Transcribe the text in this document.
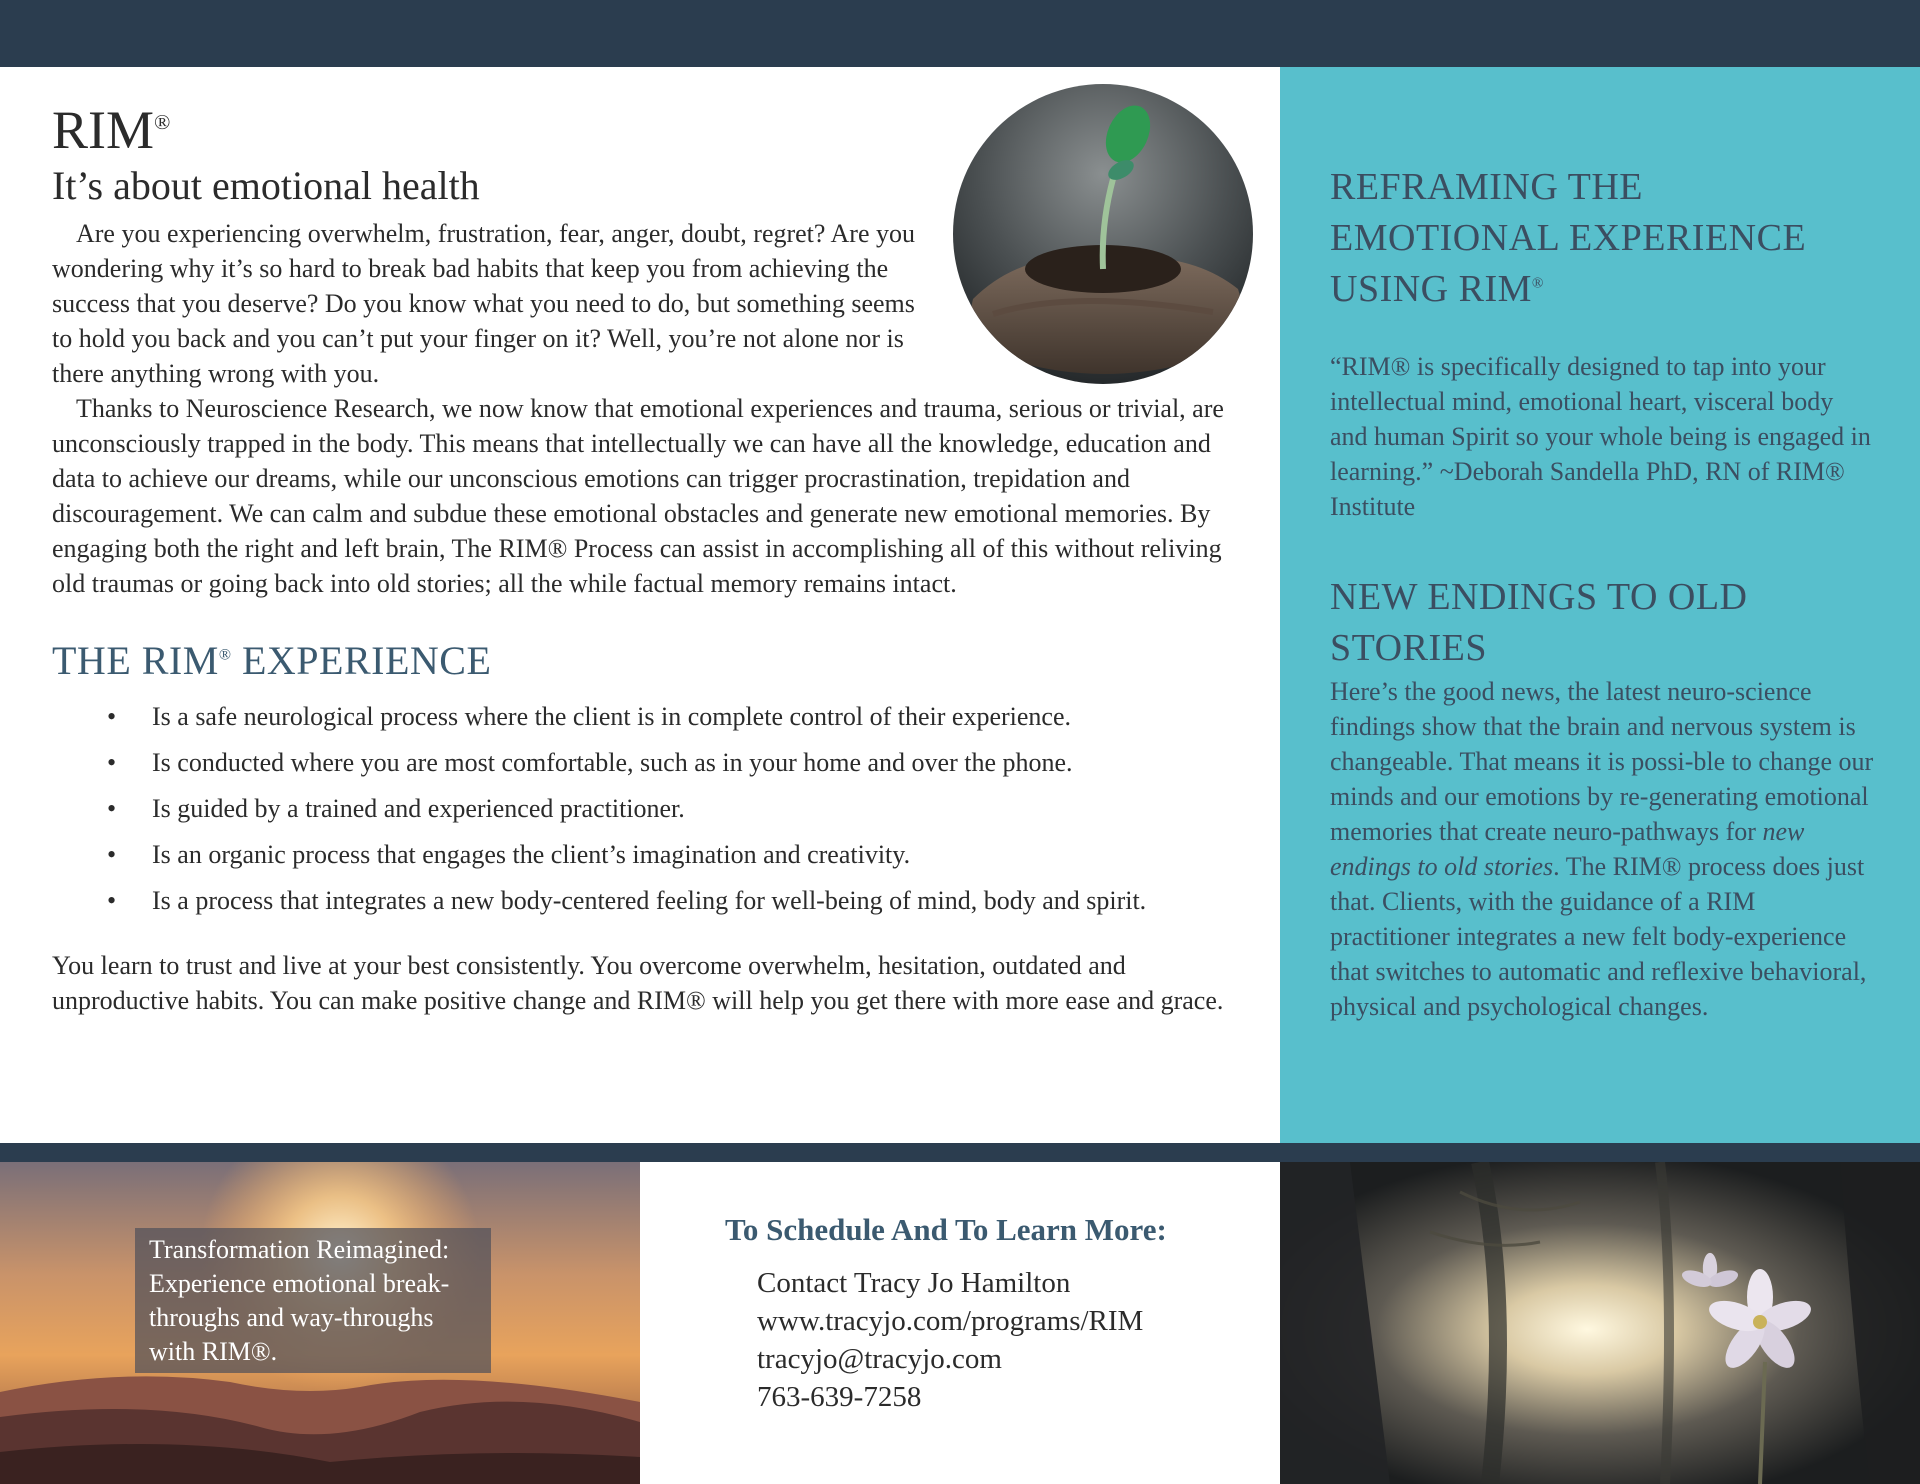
RIM®
It’s about emotional health

Are you experiencing overwhelm, frustration, fear, anger, doubt, regret? Are you wondering why it’s so hard to break bad habits that keep you from achieving the success that you deserve? Do you know what you need to do, but something seems to hold you back and you can’t put your finger on it? Well, you’re not alone nor is there anything wrong with you.

Thanks to Neuroscience Research, we now know that emotional experiences and trauma, serious or trivial, are unconsciously trapped in the body. This means that intellectually we can have all the knowledge, education and data to achieve our dreams, while our unconscious emotions can trigger procrastination, trepidation and discouragement. We can calm and subdue these emotional obstacles and generate new emotional memories. By engaging both the right and left brain, The RIM® Process can assist in accomplishing all of this without reliving old traumas or going back into old stories; all the while factual memory remains intact.

THE RIM® EXPERIENCE
• Is a safe neurological process where the client is in complete control of their experience.
• Is conducted where you are most comfortable, such as in your home and over the phone.
• Is guided by a trained and experienced practitioner.
• Is an organic process that engages the client’s imagination and creativity.
• Is a process that integrates a new body-centered feeling for well-being of mind, body and spirit.

You learn to trust and live at your best consistently. You overcome overwhelm, hesitation, outdated and unproductive habits. You can make positive change and RIM® will help you get there with more ease and grace.

REFRAMING THE EMOTIONAL EXPERIENCE USING RIM®

“RIM® is specifically designed to tap into your intellectual mind, emotional heart, visceral body and human Spirit so your whole being is engaged in learning.” ~Deborah Sandella PhD, RN of RIM® Institute

NEW ENDINGS TO OLD STORIES

Here’s the good news, the latest neuro-science findings show that the brain and nervous system is changeable. That means it is possi-ble to change our minds and our emotions by re-generating emotional memories that create neuro-pathways for new endings to old stories. The RIM® process does just that. Clients, with the guidance of a RIM practitioner integrates a new felt body-experience that switches to automatic and reflexive behavioral, physical and psychological changes.

Transformation Reimagined: Experience emotional break-throughs and way-throughs with RIM®.
To Schedule And To Learn More:

Contact Tracy Jo Hamilton

www.tracyjo.com/programs/RIM

tracyjo@tracyjo.com

763-639-7258
